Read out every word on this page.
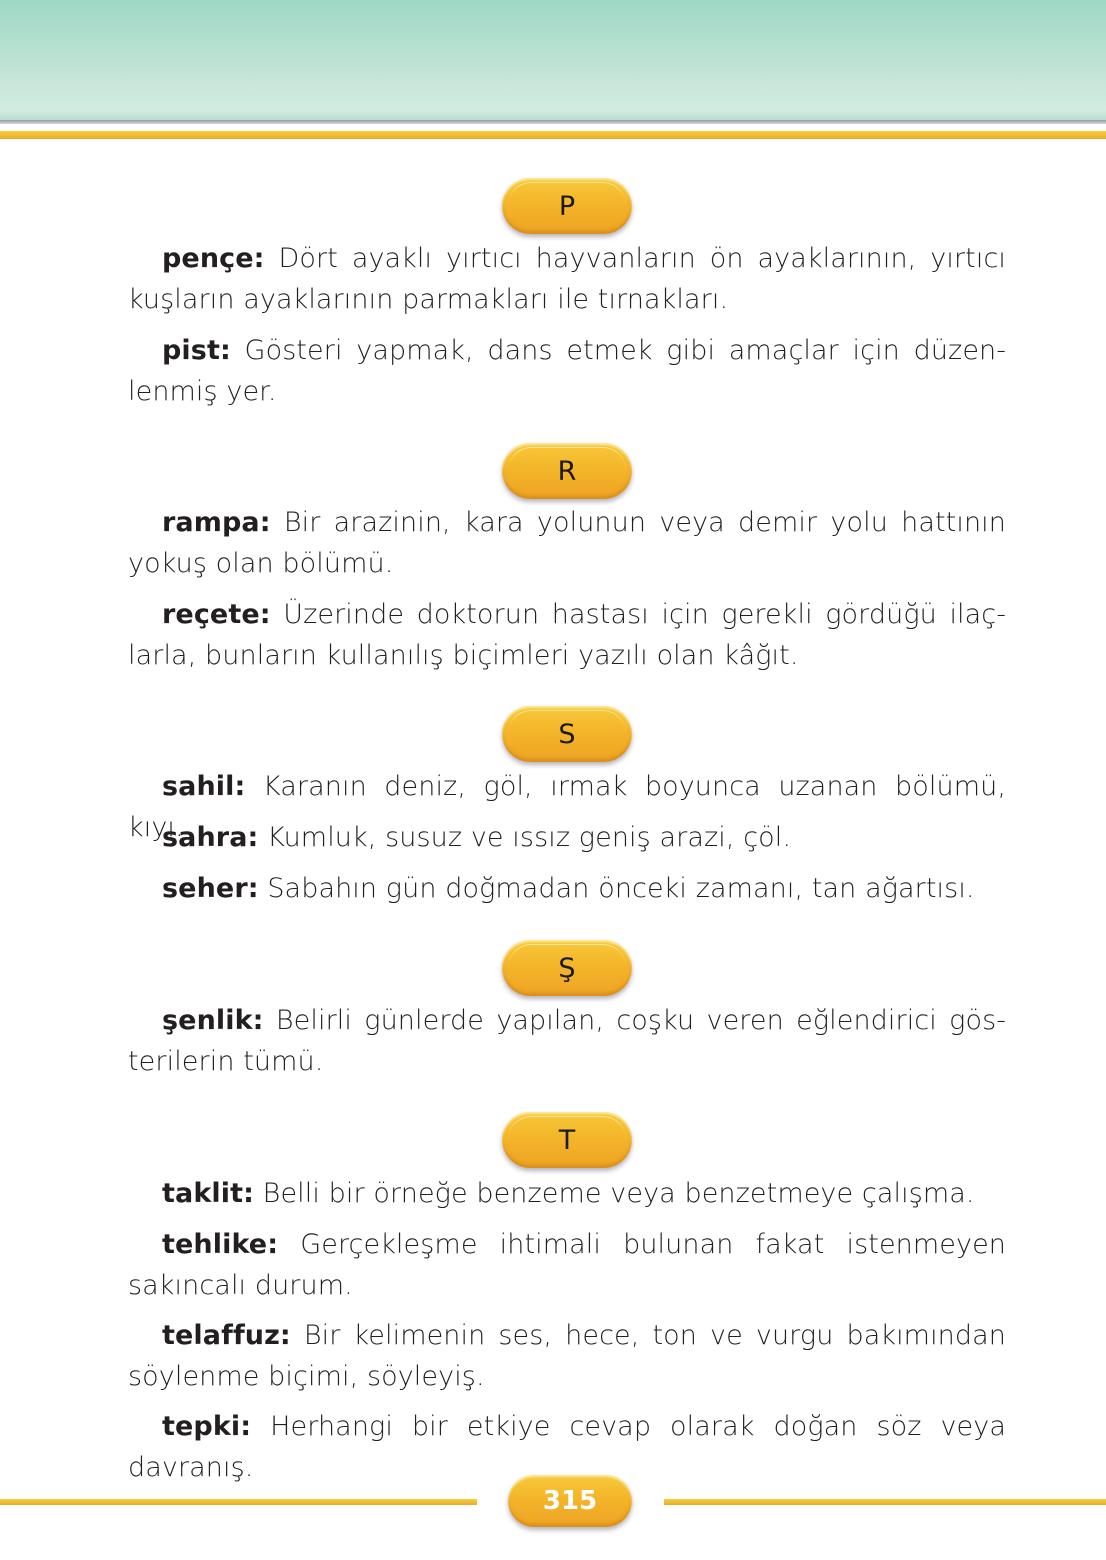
P

pençe: Dört ayaklı yırtıcı hayvanların ön ayaklarının, yırtıcı kuşların ayaklarının parmakları ile tırnakları.

pist: Gösteri yapmak, dans etmek gibi amaçlar için düzenlenmiş yer.

R

rampa: Bir arazinin, kara yolunun veya demir yolu hattının yokuş olan bölümü.

reçete: Üzerinde doktorun hastası için gerekli gördüğü ilaçlarla, bunların kullanılış biçimleri yazılı olan kâğıt.

S

sahil: Karanın deniz, göl, ırmak boyunca uzanan bölümü, kıyı.

sahra: Kumluk, susuz ve ıssız geniş arazi, çöl.

seher: Sabahın gün doğmadan önceki zamanı, tan ağartısı.

Ş

şenlik: Belirli günlerde yapılan, coşku veren eğlendirici gösterilerin tümü.

T

taklit: Belli bir örneğe benzeme veya benzetmeye çalışma.

tehlike: Gerçekleşme ihtimali bulunan fakat istenmeyen sakıncalı durum.

telaffuz: Bir kelimenin ses, hece, ton ve vurgu bakımından söylenme biçimi, söyleyiş.

tepki: Herhangi bir etkiye cevap olarak doğan söz veya davranış.

315
